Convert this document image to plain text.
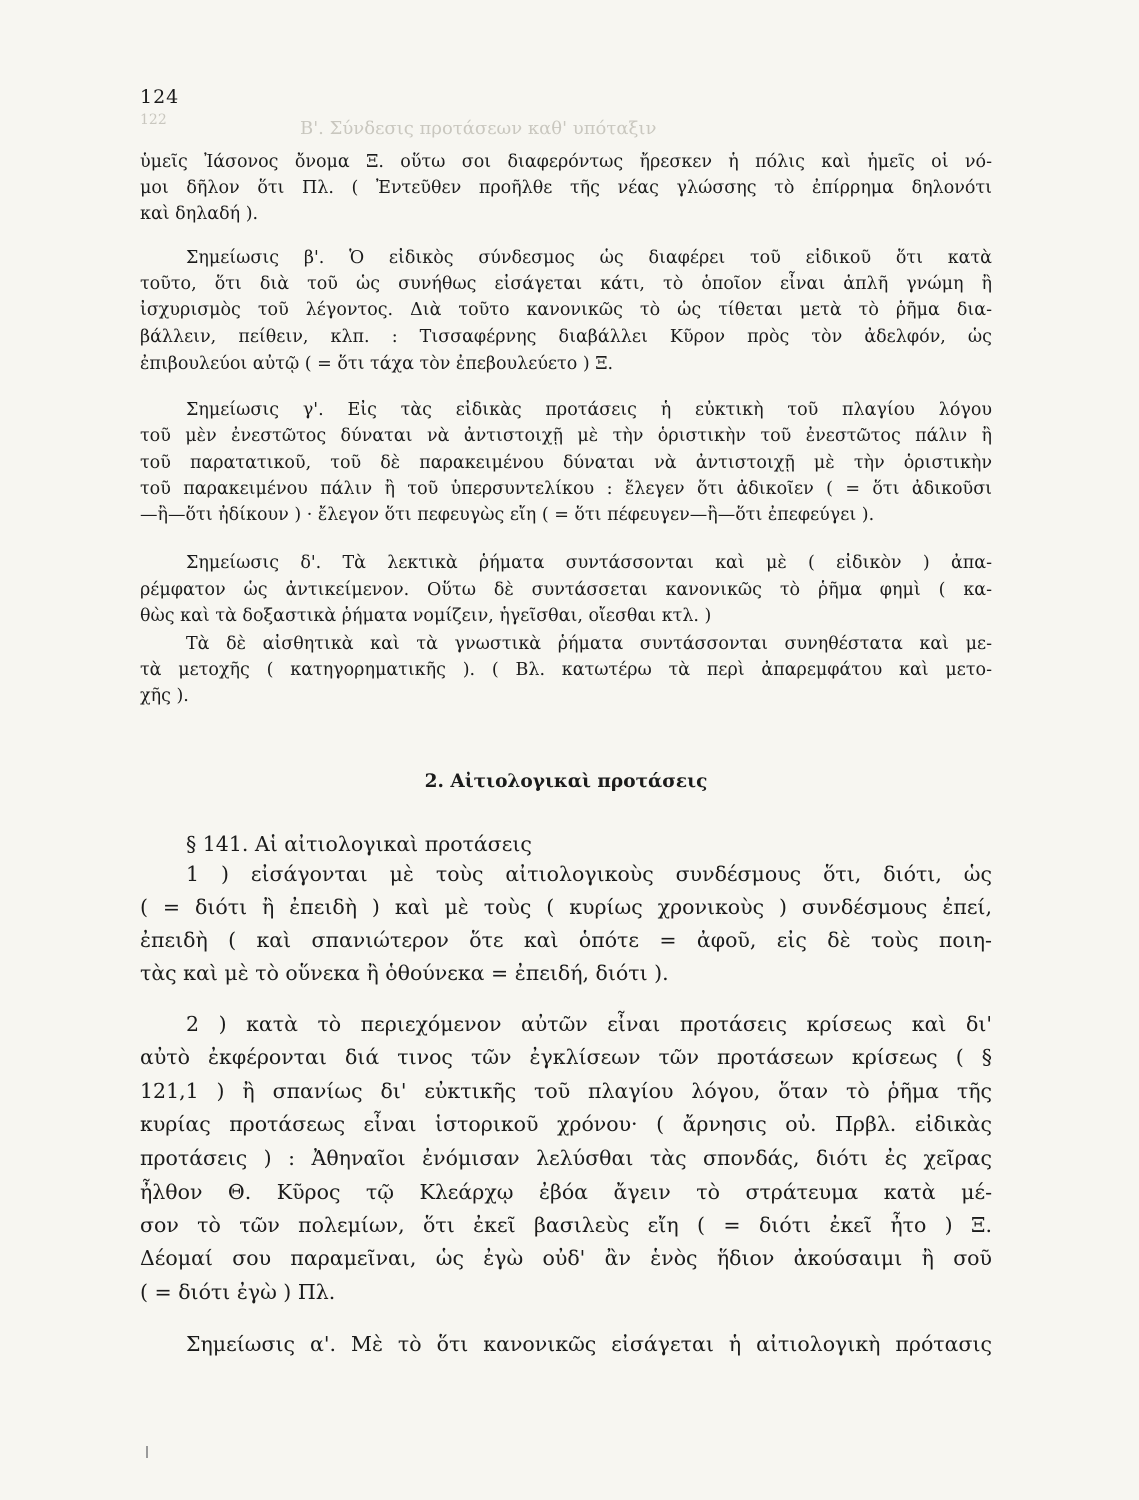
122	Β'. Σύνδεσις προτάσεων καθ' υπόταξιν
124
ὑμεῖς Ἰάσονος ὄνομα Ξ. οὕτω σοι διαφερόντως ἤρεσκεν ἡ πόλις καὶ ἡμεῖς οἱ νό-
μοι δῆλον ὅτι Πλ. ( Ἐντεῦθεν προῆλθε τῆς νέας γλώσσης τὸ ἐπίρρημα δηλονότι
καὶ δηλαδή ).
Σημείωσις β'. Ὁ εἰδικὸς σύνδεσμος ὡς διαφέρει τοῦ εἰδικοῦ ὅτι κατὰ
τοῦτο, ὅτι διὰ τοῦ ὡς συνήθως εἰσάγεται κάτι, τὸ ὁποῖον εἶναι ἁπλῆ γνώμη ἢ
ἰσχυρισμὸς τοῦ λέγοντος. Διὰ τοῦτο κανονικῶς τὸ ὡς τίθεται μετὰ τὸ ῥῆμα δια-
βάλλειν, πείθειν, κλπ. : Τισσαφέρνης διαβάλλει Κῦρον πρὸς τὸν ἀδελφόν, ὡς
ἐπιβουλεύοι αὐτῷ ( = ὅτι τάχα τὸν ἐπεβουλεύετο ) Ξ.
Σημείωσις γ'. Εἰς τὰς εἰδικὰς προτάσεις ἡ εὐκτικὴ τοῦ πλαγίου λόγου
τοῦ μὲν ἐνεστῶτος δύναται νὰ ἀντιστοιχῇ μὲ τὴν ὁριστικὴν τοῦ ἐνεστῶτος πάλιν ἢ
τοῦ παρατατικοῦ, τοῦ δὲ παρακειμένου δύναται νὰ ἀντιστοιχῇ μὲ τὴν ὁριστικὴν
τοῦ παρακειμένου πάλιν ἢ τοῦ ὑπερσυντελίκου : ἔλεγεν ὅτι ἀδικοῖεν ( = ὅτι ἀδικοῦσι
—ἢ—ὅτι ἠδίκουν ) · ἔλεγον ὅτι πεφευγὼς εἴη ( = ὅτι πέφευγεν—ἢ—ὅτι ἐπεφεύγει ).
Σημείωσις δ'. Τὰ λεκτικὰ ῥήματα συντάσσονται καὶ μὲ ( εἰδικὸν ) ἀπα-
ρέμφατον ὡς ἀντικείμενον. Οὕτω δὲ συντάσσεται κανονικῶς τὸ ῥῆμα φημὶ ( κα-
θὼς καὶ τὰ δοξαστικὰ ῥήματα νομίζειν, ἡγεῖσθαι, οἴεσθαι κτλ. )
Τὰ δὲ αἰσθητικὰ καὶ τὰ γνωστικὰ ῥήματα συντάσσονται συνηθέστατα καὶ με-
τὰ μετοχῆς ( κατηγορηματικῆς ). ( Βλ. κατωτέρω τὰ περὶ ἀπαρεμφάτου καὶ μετο-
χῆς ).
2. Αἰτιολογικαὶ προτάσεις
§ 141. Αἱ αἰτιολογικαὶ προτάσεις
1 ) εἰσάγονται μὲ τοὺς αἰτιολογικοὺς συνδέσμους ὅτι, διότι, ὡς
( = διότι ἢ ἐπειδὴ ) καὶ μὲ τοὺς ( κυρίως χρονικοὺς ) συνδέσμους ἐπεί,
ἐπειδὴ ( καὶ σπανιώτερον ὅτε καὶ ὁπότε = ἀφοῦ, εἰς δὲ τοὺς ποιη-
τὰς καὶ μὲ τὸ οὕνεκα ἢ ὁθούνεκα = ἐπειδή, διότι ).
2 ) κατὰ τὸ περιεχόμενον αὐτῶν εἶναι προτάσεις κρίσεως καὶ δι'
αὐτὸ ἐκφέρονται διά τινος τῶν ἐγκλίσεων τῶν προτάσεων κρίσεως ( §
121,1 ) ἢ σπανίως δι' εὐκτικῆς τοῦ πλαγίου λόγου, ὅταν τὸ ῥῆμα τῆς
κυρίας προτάσεως εἶναι ἱστορικοῦ χρόνου· ( ἄρνησις οὐ. Πρβλ. εἰδικὰς
προτάσεις ) : Ἀθηναῖοι ἐνόμισαν λελύσθαι τὰς σπονδάς, διότι ἐς χεῖρας
ἦλθον Θ. Κῦρος τῷ Κλεάρχῳ ἐβόα ἄγειν τὸ στράτευμα κατὰ μέ-
σον τὸ τῶν πολεμίων, ὅτι ἐκεῖ βασιλεὺς εἴη ( = διότι ἐκεῖ ἦτο ) Ξ.
Δέομαί σου παραμεῖναι, ὡς ἐγὼ οὐδ' ἂν ἑνὸς ἥδιον ἀκούσαιμι ἢ σοῦ
( = διότι ἐγὼ ) Πλ.
Σημείωσις α'. Μὲ τὸ ὅτι κανονικῶς εἰσάγεται ἡ αἰτιολογικὴ πρότασις
